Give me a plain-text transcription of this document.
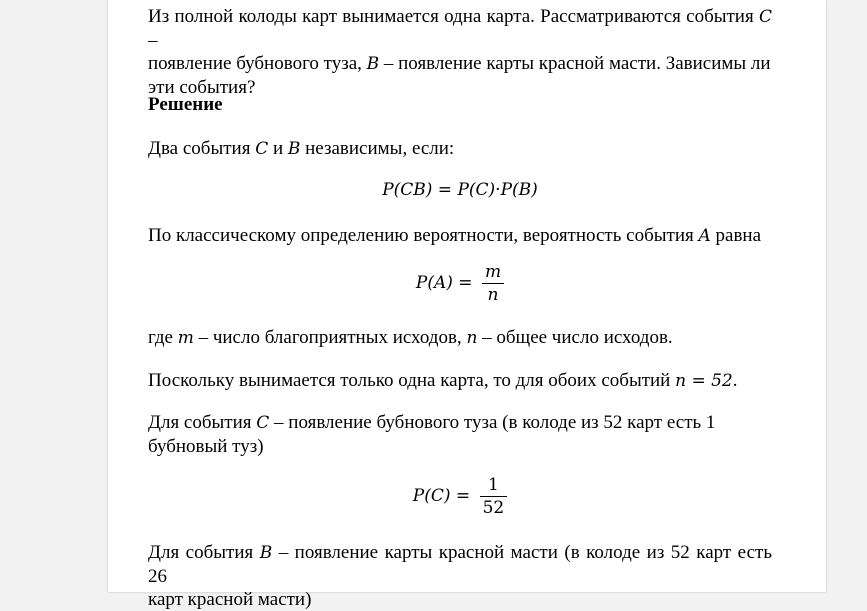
Из полной колоды карт вынимается одна карта. Рассматриваются события C –
появление бубнового туза, B – появление карты красной масти. Зависимы ли
эти события?
Решение
Два события C и B независимы, если:
P(CB) = P(C)·P(B)
По классическому определению вероятности, вероятность события A равна
$P(A) = \frac{m}{n}$
где m – число благоприятных исходов, n – общее число исходов.
Поскольку вынимается только одна карта, то для обоих событий n = 52.
Для события C – появление бубнового туза (в колоде из 52 карт есть 1
бубновый туз)
$P(C) = \frac{1}{52}$
Для события B – появление карты красной масти (в колоде из 52 карт есть 26
карт красной масти)
